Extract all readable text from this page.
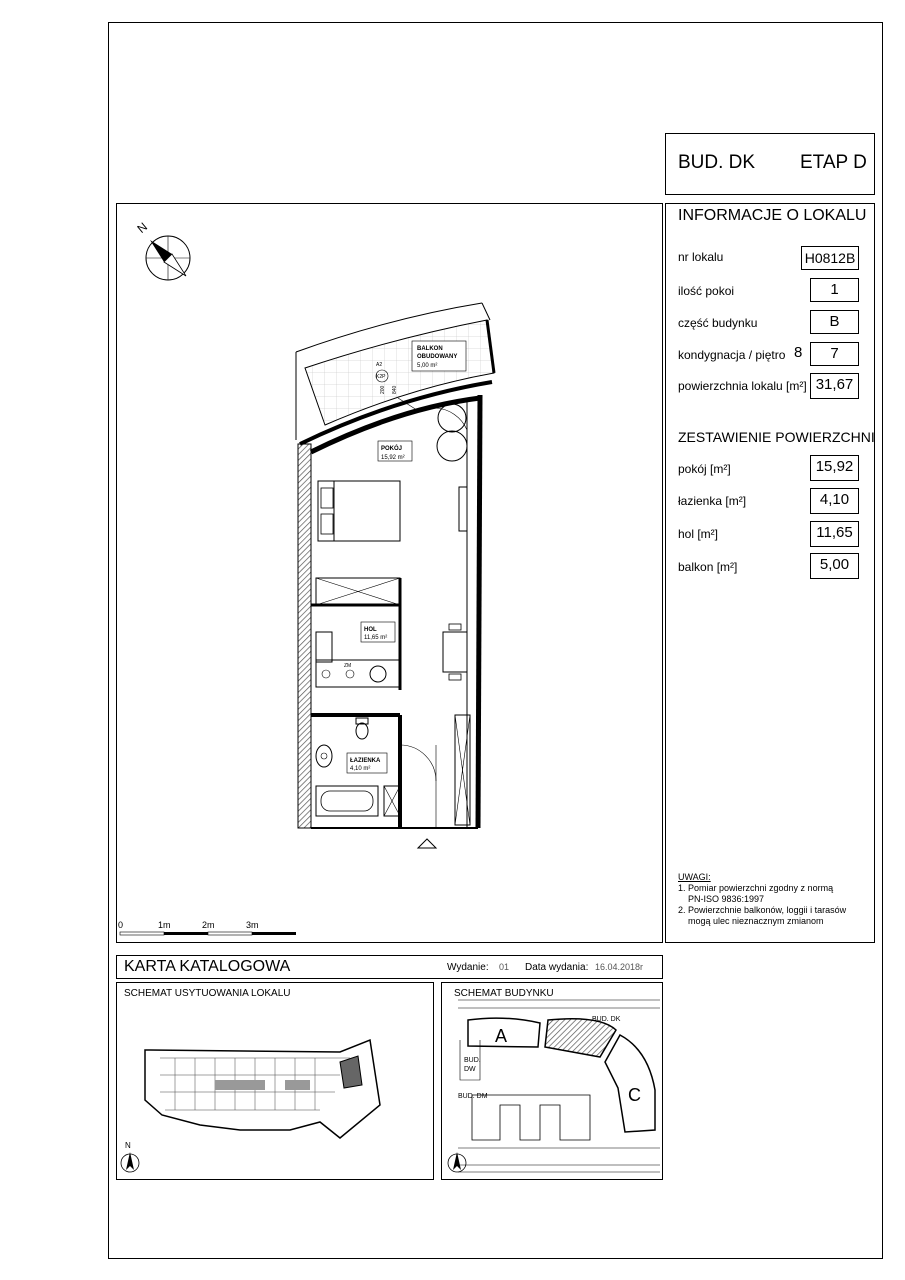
BUD. DK ETAP D
INFORMACJE O LOKALU
nr lokalu	H0812B
ilość pokoi	1
część budynku	B
kondygnacja / piętro 8	7
powierzchnia lokalu [m²] 31,67
ZESTAWIENIE POWIERZCHNI
pokój [m²]	15,92
łazienka [m²]	4,10
hol [m²]	11,65
balkon [m²]	5,00
UWAGI:
1. Pomiar powierzchni zgodny z normą
PN-ISO 9836:1997
2. Powierzchnie balkonów, loggii i tarasów
mogą ulec nieznacznym zmianom
N
BALKON
OBUDOWANY
5,00 m²
A2
K2P
200 840
ZM
POKÓJ
15,92 m²
HOL
11,65 m²
ŁAZIENKA
4,10 m²
0	1m	2m	3m
KARTA KATALOGOWA	Wydanie: 01 Data wydania: 16.04.2018r
SCHEMAT USYTUOWANIA LOKALU
N
SCHEMAT BUDYNKU
A
C
BUD. DK
BUD.
DW
BUD. DM
